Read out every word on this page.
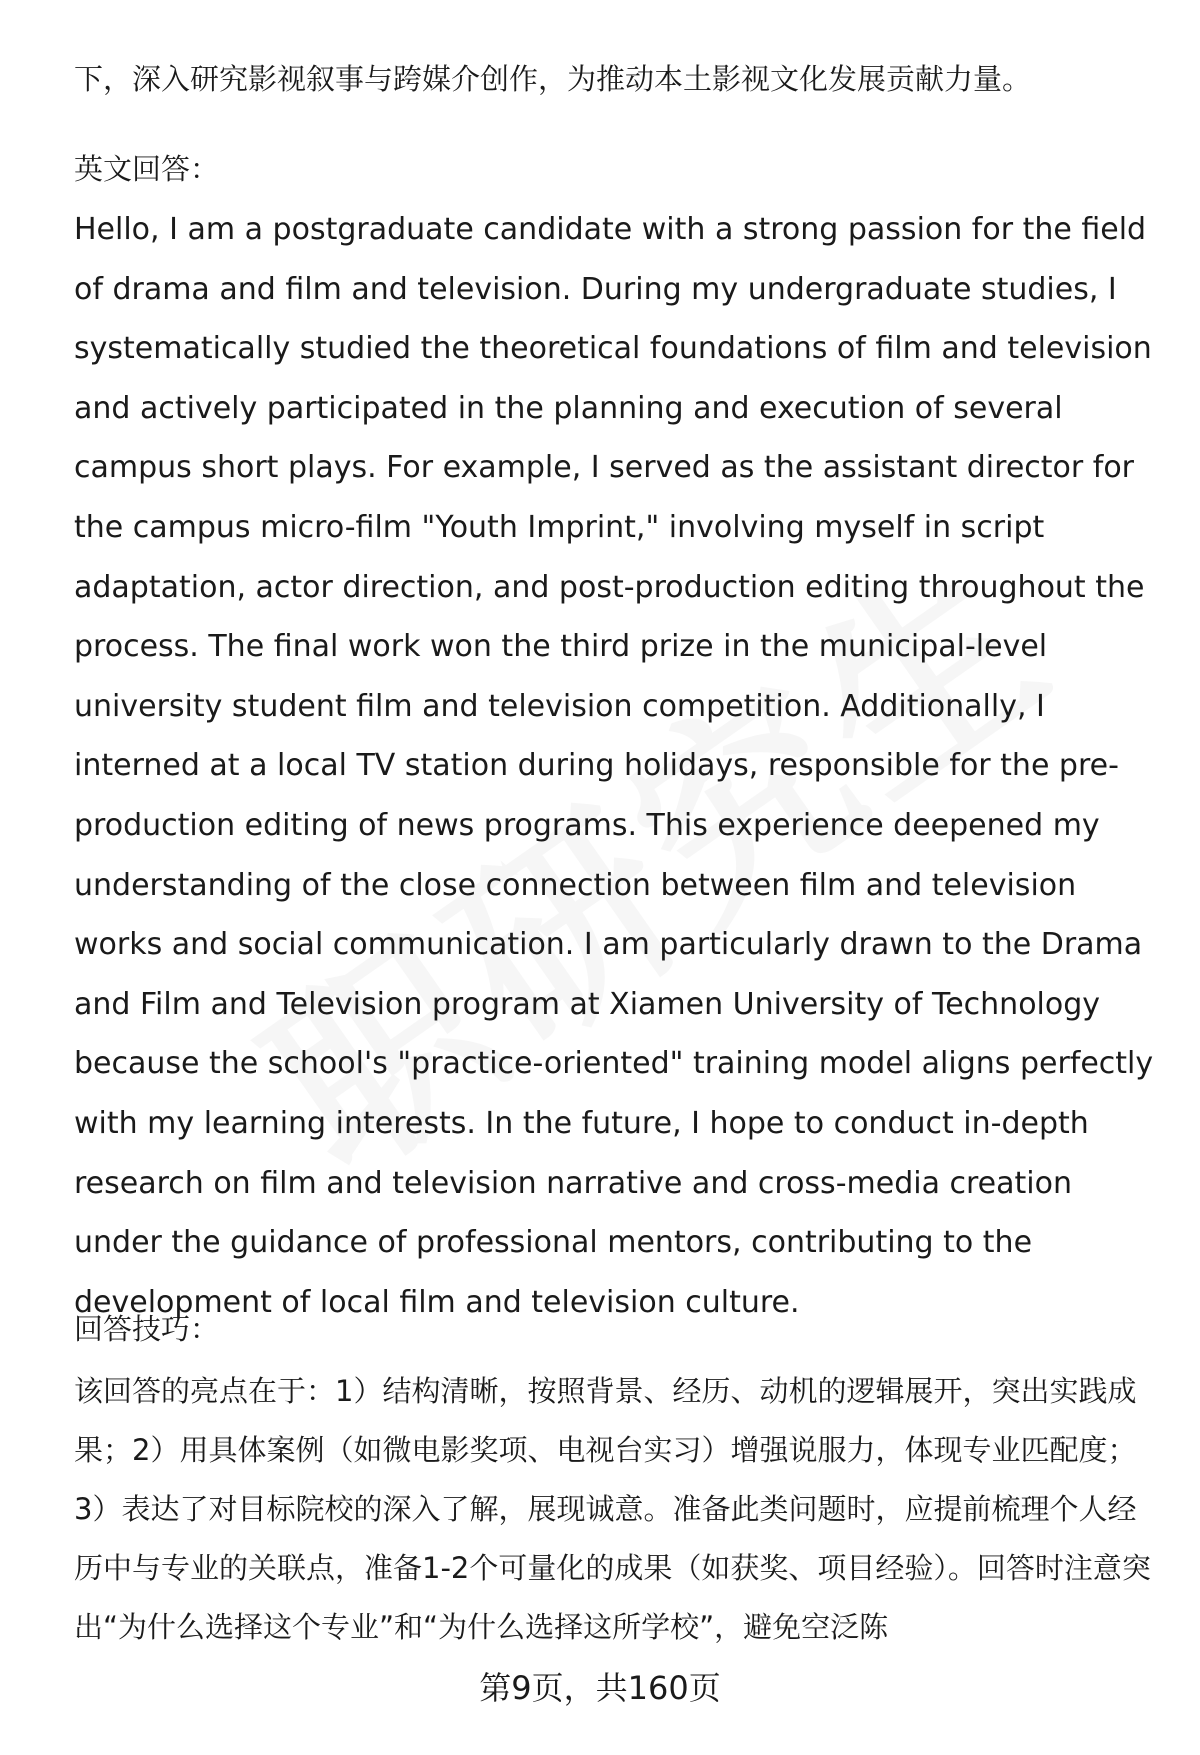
下，深入研究影视叙事与跨媒介创作，为推动本土影视文化发展贡献力量。

英文回答：

Hello, I am a postgraduate candidate with a strong passion for the field of drama and film and television. During my undergraduate studies, I systematically studied the theoretical foundations of film and television and actively participated in the planning and execution of several campus short plays. For example, I served as the assistant director for the campus micro-film "Youth Imprint," involving myself in script adaptation, actor direction, and post-production editing throughout the process. The final work won the third prize in the municipal-level university student film and television competition. Additionally, I interned at a local TV station during holidays, responsible for the pre-production editing of news programs. This experience deepened my understanding of the close connection between film and television works and social communication. I am particularly drawn to the Drama and Film and Television program at Xiamen University of Technology because the school's "practice-oriented" training model aligns perfectly with my learning interests. In the future, I hope to conduct in-depth research on film and television narrative and cross-media creation under the guidance of professional mentors, contributing to the development of local film and television culture.

回答技巧：

该回答的亮点在于：1）结构清晰，按照背景、经历、动机的逻辑展开，突出实践成果；2）用具体案例（如微电影奖项、电视台实习）增强说服力，体现专业匹配度；3）表达了对目标院校的深入了解，展现诚意。准备此类问题时，应提前梳理个人经历中与专业的关联点，准备1-2个可量化的成果（如获奖、项目经验）。回答时注意突出“为什么选择这个专业”和“为什么选择这所学校”，避免空泛陈

第9页，共160页
